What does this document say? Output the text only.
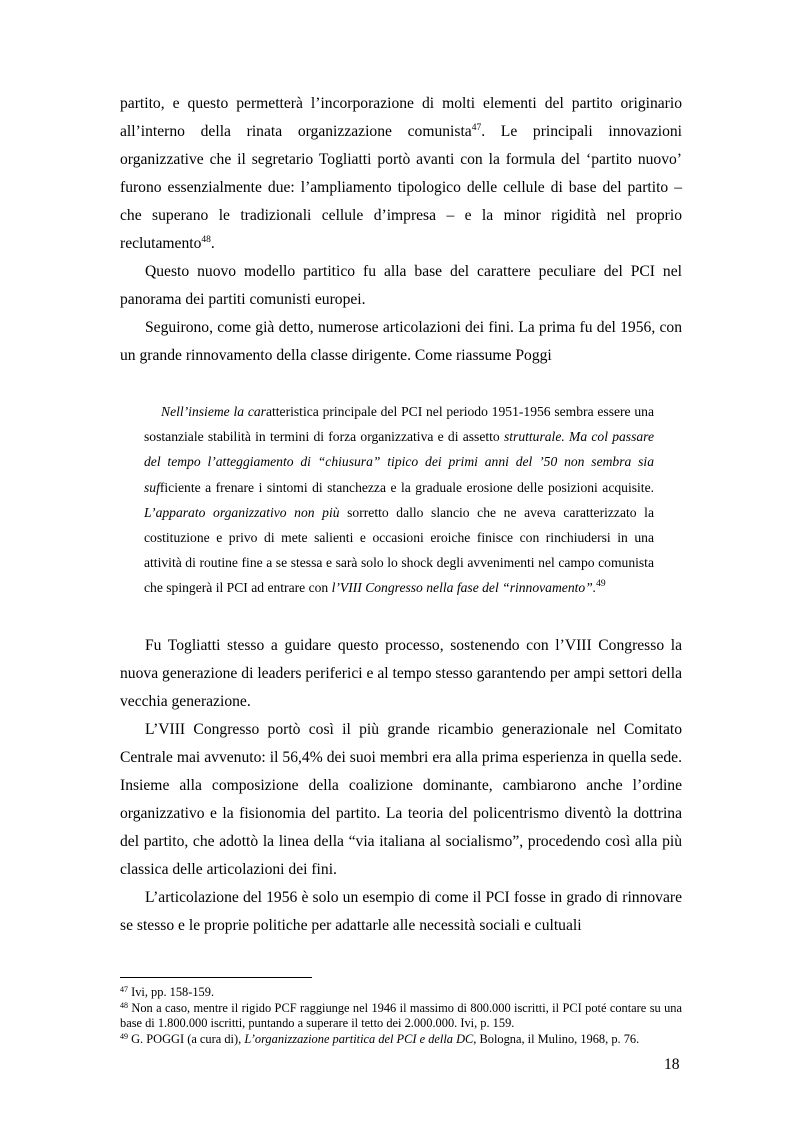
partito, e questo permetterà l’incorporazione di molti elementi del partito originario all’interno della rinata organizzazione comunista$^{47}$. Le principali innovazioni organizzative che il segretario Togliatti portò avanti con la formula del ‘partito nuovo’ furono essenzialmente due: l’ampliamento tipologico delle cellule di base del partito – che superano le tradizionali cellule d’impresa – e la minor rigidità nel proprio reclutamento$^{48}$.

Questo nuovo modello partitico fu alla base del carattere peculiare del PCI nel panorama dei partiti comunisti europei.

Seguirono, come già detto, numerose articolazioni dei fini. La prima fu del 1956, con un grande rinnovamento della classe dirigente. Come riassume Poggi

Nell’insieme la caratteristica principale del PCI nel periodo 1951-1956 sembra essere una sostanziale stabilità in termini di forza organizzativa e di assetto strutturale. Ma col passare del tempo l’atteggiamento di “chiusura” tipico dei primi anni del ’50 non sembra sia sufficiente a frenare i sintomi di stanchezza e la graduale erosione delle posizioni acquisite. L’apparato organizzativo non più sorretto dallo slancio che ne aveva caratterizzato la costituzione e privo di mete salienti e occasioni eroiche finisce con rinchiudersi in una attività di routine fine a se stessa e sarà solo lo shock degli avvenimenti nel campo comunista che spingerà il PCI ad entrare con l’VIII Congresso nella fase del “rinnovamento”.$^{49}$

Fu Togliatti stesso a guidare questo processo, sostenendo con l’VIII Congresso la nuova generazione di leaders periferici e al tempo stesso garantendo per ampi settori della vecchia generazione.

L’VIII Congresso portò così il più grande ricambio generazionale nel Comitato Centrale mai avvenuto: il 56,4% dei suoi membri era alla prima esperienza in quella sede. Insieme alla composizione della coalizione dominante, cambiarono anche l’ordine organizzativo e la fisionomia del partito. La teoria del policentrismo diventò la dottrina del partito, che adottò la linea della “via italiana al socialismo”, procedendo così alla più classica delle articolazioni dei fini.

L’articolazione del 1956 è solo un esempio di come il PCI fosse in grado di rinnovare se stesso e le proprie politiche per adattarle alle necessità sociali e cultuali

$^{47}$ Ivi, pp. 158-159.

$^{48}$ Non a caso, mentre il rigido PCF raggiunge nel 1946 il massimo di 800.000 iscritti, il PCI poté contare su una base di 1.800.000 iscritti, puntando a superare il tetto dei 2.000.000. Ivi, p. 159.

$^{49}$ G. POGGI (a cura di), L’organizzazione partitica del PCI e della DC, Bologna, il Mulino, 1968, p. 76.

18
